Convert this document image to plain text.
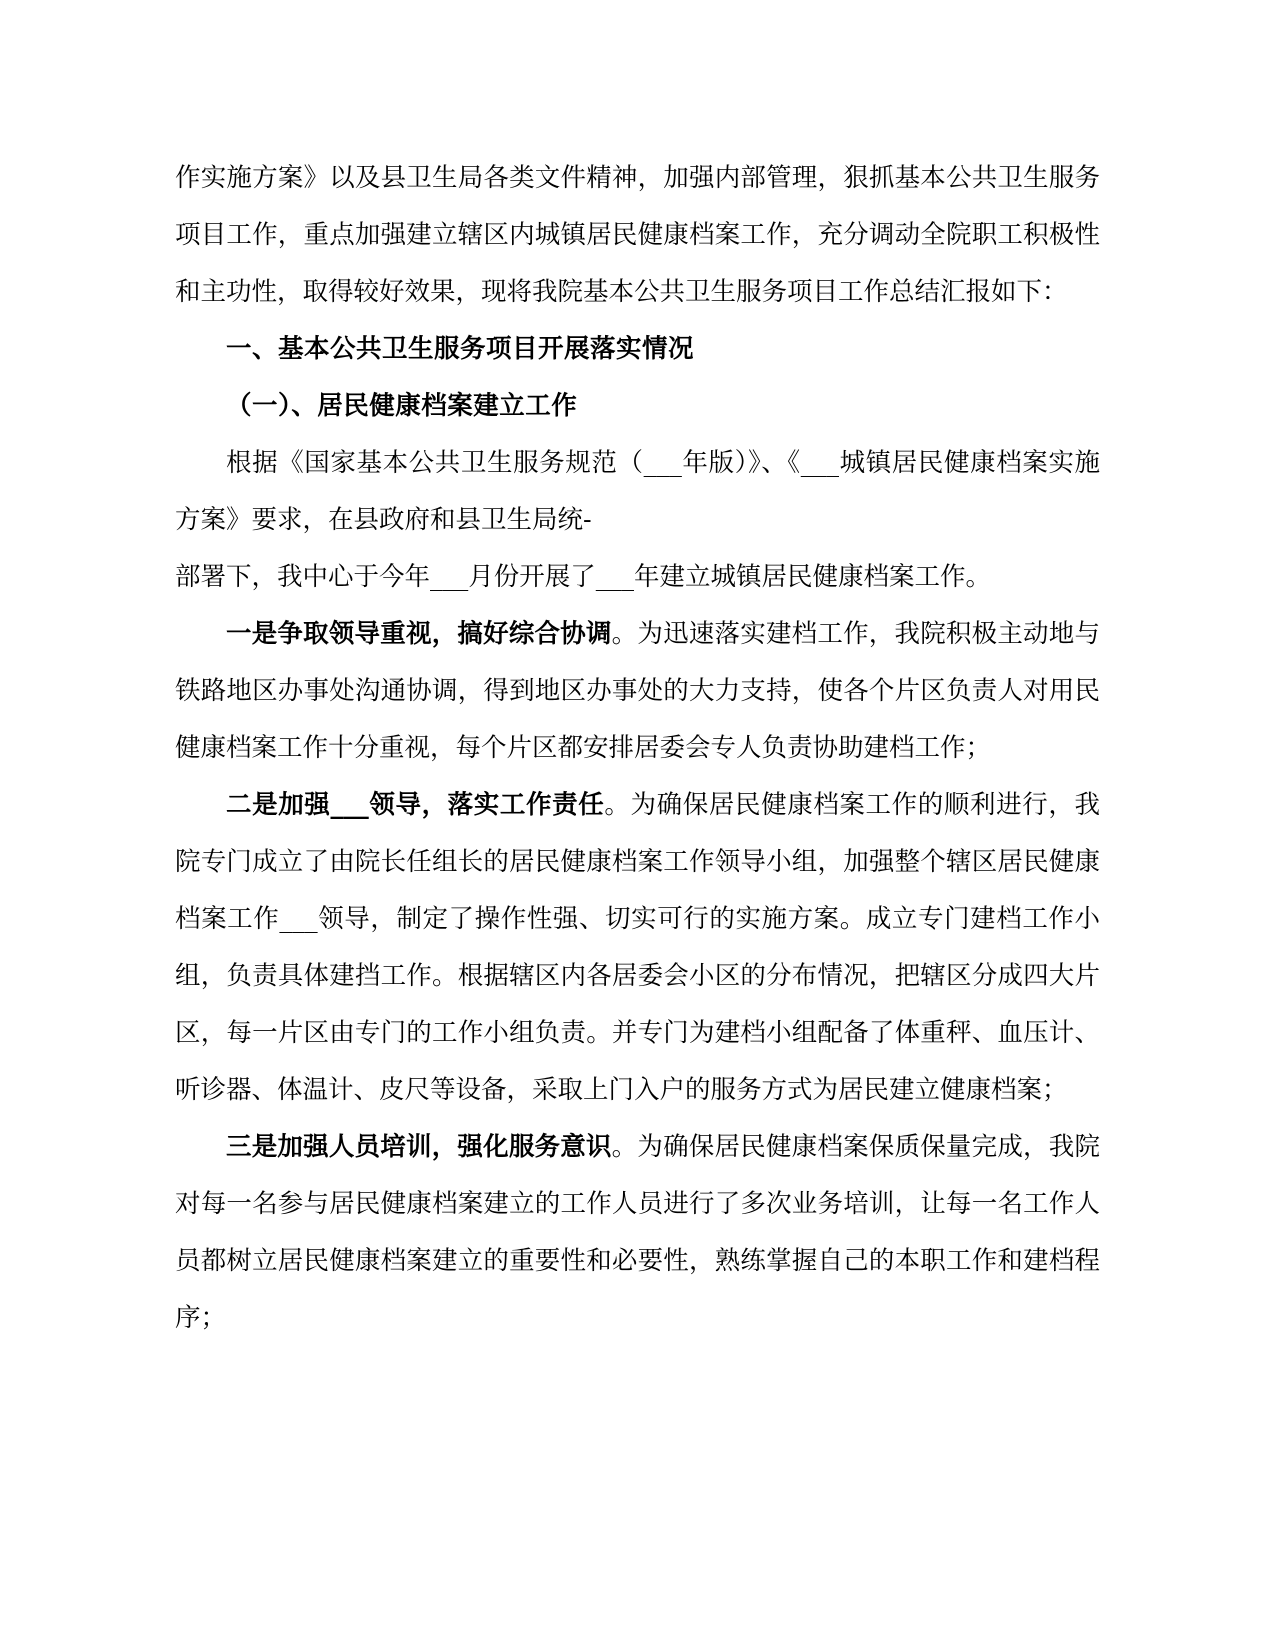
作实施方案》以及县卫生局各类文件精神，加强内部管理，狠抓基本公共卫生服务项目工作，重点加强建立辖区内城镇居民健康档案工作，充分调动全院职工积极性和主功性，取得较好效果，现将我院基本公共卫生服务项目工作总结汇报如下：

一、基本公共卫生服务项目开展落实情况

（一）、居民健康档案建立工作

根据《国家基本公共卫生服务规范（___年版）》、《___城镇居民健康档案实施方案》要求，在县政府和县卫生局统-

部署下，我中心于今年___月份开展了___年建立城镇居民健康档案工作。

一是争取领导重视，搞好综合协调。为迅速落实建档工作，我院积极主动地与铁路地区办事处沟通协调，得到地区办事处的大力支持，使各个片区负责人对用民健康档案工作十分重视，每个片区都安排居委会专人负责协助建档工作；

二是加强___领导，落实工作责任。为确保居民健康档案工作的顺利进行，我院专门成立了由院长任组长的居民健康档案工作领导小组，加强整个辖区居民健康档案工作___领导，制定了操作性强、切实可行的实施方案。成立专门建档工作小组，负责具体建挡工作。根据辖区内各居委会小区的分布情况，把辖区分成四大片区，每一片区由专门的工作小组负责。并专门为建档小组配备了体重秤、血压计、听诊器、体温计、皮尺等设备，采取上门入户的服务方式为居民建立健康档案；

三是加强人员培训，强化服务意识。为确保居民健康档案保质保量完成，我院对每一名参与居民健康档案建立的工作人员进行了多次业务培训，让每一名工作人员都树立居民健康档案建立的重要性和必要性，熟练掌握自己的本职工作和建档程序；
